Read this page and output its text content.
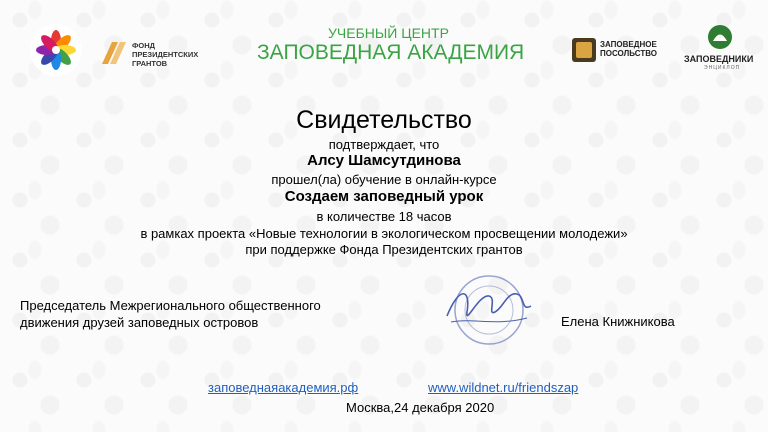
ФОНД
ПРЕЗИДЕНТСКИХ
ГРАНТОВ
УЧЕБНЫЙ ЦЕНТР
ЗАПОВЕДНАЯ АКАДЕМИЯ	ЗАПОВЕДНОЕ
ПОСОЛЬСТВО
ЗАПОВЕДНИКИ
ЭНЦИКЛОП
Свидетельство
подтверждает, что
Алсу Шамсутдинова
прошел(ла) обучение в онлайн-курсе
Создаем заповедный урок
в количестве 18 часов
в рамках проекта «Новые технологии в экологическом просвещении молодежи»
при поддержке Фонда Президентских грантов
Председатель Межрегионального общественного
движения друзей заповедных островов	Елена Книжникова
заповеднаяакадемия.рф	www.wildnet.ru/friendszap
Москва,24 декабря 2020
